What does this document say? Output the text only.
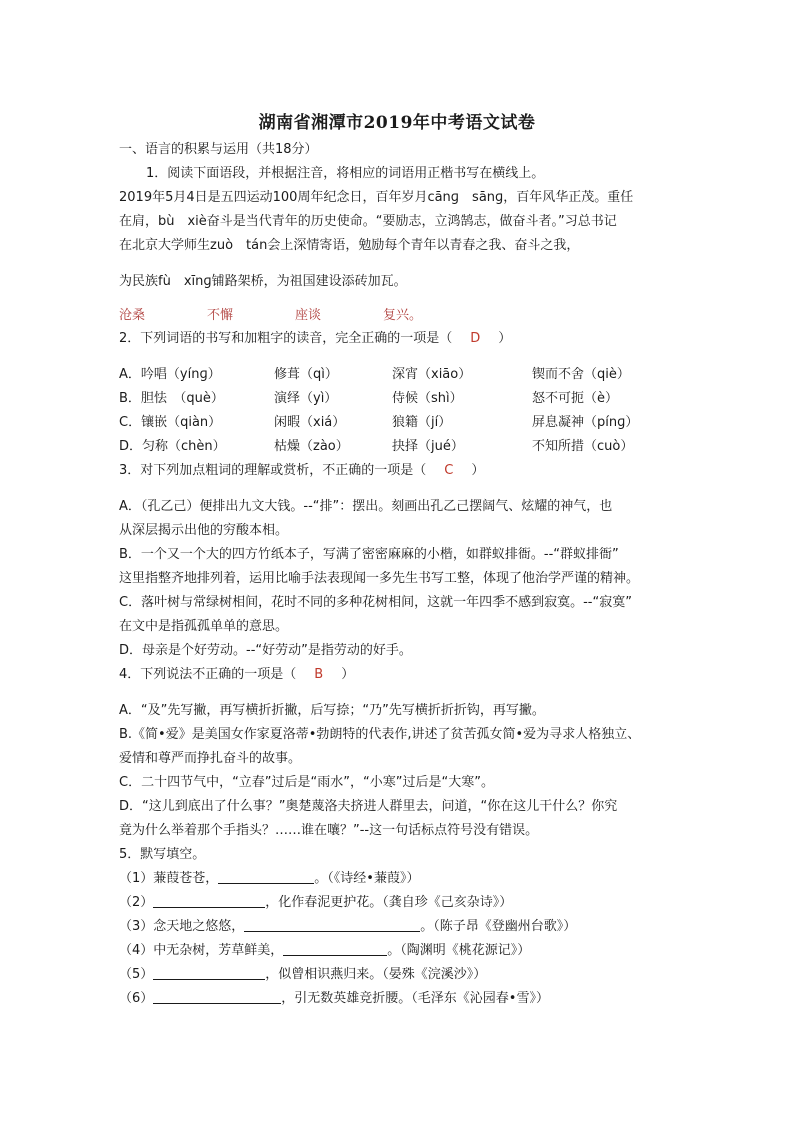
湖南省湘潭市2019年中考语文试卷
一、语言的积累与运用（共18分）
1．阅读下面语段，并根据注音，将相应的词语用正楷书写在横线上。
2019年5月4日是五四运动100周年纪念日，百年岁月cānɡ　sānɡ，百年风华正茂。重任
在肩，bù　xiè奋斗是当代青年的历史使命。“要励志，立鸿鹄志，做奋斗者。”习总书记
在北京大学师生zuò　tán会上深情寄语，勉励每个青年以青春之我、奋斗之我，
为民族fù　xīnɡ铺路架桥，为祖国建设添砖加瓦。
沧桑	不懈	座谈	复兴。
2．下列词语的书写和加粗字的读音，完全正确的一项是（ D ）
A．吟唱（yínɡ）	修葺（qì）	深宵（xiāo）	锲而不舍（qiè）
B．胆怯　（què）	演绎（yì）	侍候（shì）	怒不可扼（è）
C．镶嵌（qiàn）	闲暇（xiá）	狼籍（jí）	屏息凝神（pínɡ）
D．匀称（chèn）	枯燥（zào）	抉择（jué）	不知所措（cuò）
3．对下列加点粗词的理解或赏析，不正确的一项是（ C ）
A．（孔乙己）便排出九文大钱。--“排”：摆出。刻画出孔乙己摆阔气、炫耀的神气，也
从深层揭示出他的穷酸本相。
B．一个又一个大的四方竹纸本子，写满了密密麻麻的小楷，如群蚁排衙。--“群蚁排衙”
这里指整齐地排列着，运用比喻手法表现闻一多先生书写工整，体现了他治学严谨的精神。
C．落叶树与常绿树相间，花时不同的多种花树相间，这就一年四季不感到寂寞。--“寂寞”
在文中是指孤孤单单的意思。
D．母亲是个好劳动。--“好劳动”是指劳动的好手。
4．下列说法不正确的一项是（ B ）
A．“及”先写撇，再写横折折撇，后写捺；“乃”先写横折折折钩，再写撇。
B.《简•爱》是美国女作家夏洛蒂•勃朗特的代表作,讲述了贫苦孤女简•爱为寻求人格独立、
爱情和尊严而挣扎奋斗的故事。
C．二十四节气中，“立春”过后是“雨水”，“小寒”过后是“大寒”。
D．“这儿到底出了什么事？”奥楚蔑洛夫挤进人群里去，问道，“你在这儿干什么？你究
竟为什么举着那个手指头？……谁在嚷？”--这一句话标点符号没有错误。
5．默写填空。
（1）蒹葭苍苍，	。（《诗经•蒹葭》）
（2）	，化作春泥更护花。（龚自珍《己亥杂诗》）
（3）念天地之悠悠，	。（陈子昂《登幽州台歌》）
（4）中无杂树，芳草鲜美，	。（陶渊明《桃花源记》）
（5）	，似曾相识燕归来。（晏殊《浣溪沙》）
（6）	，引无数英雄竞折腰。（毛泽东《沁园春•雪》）
